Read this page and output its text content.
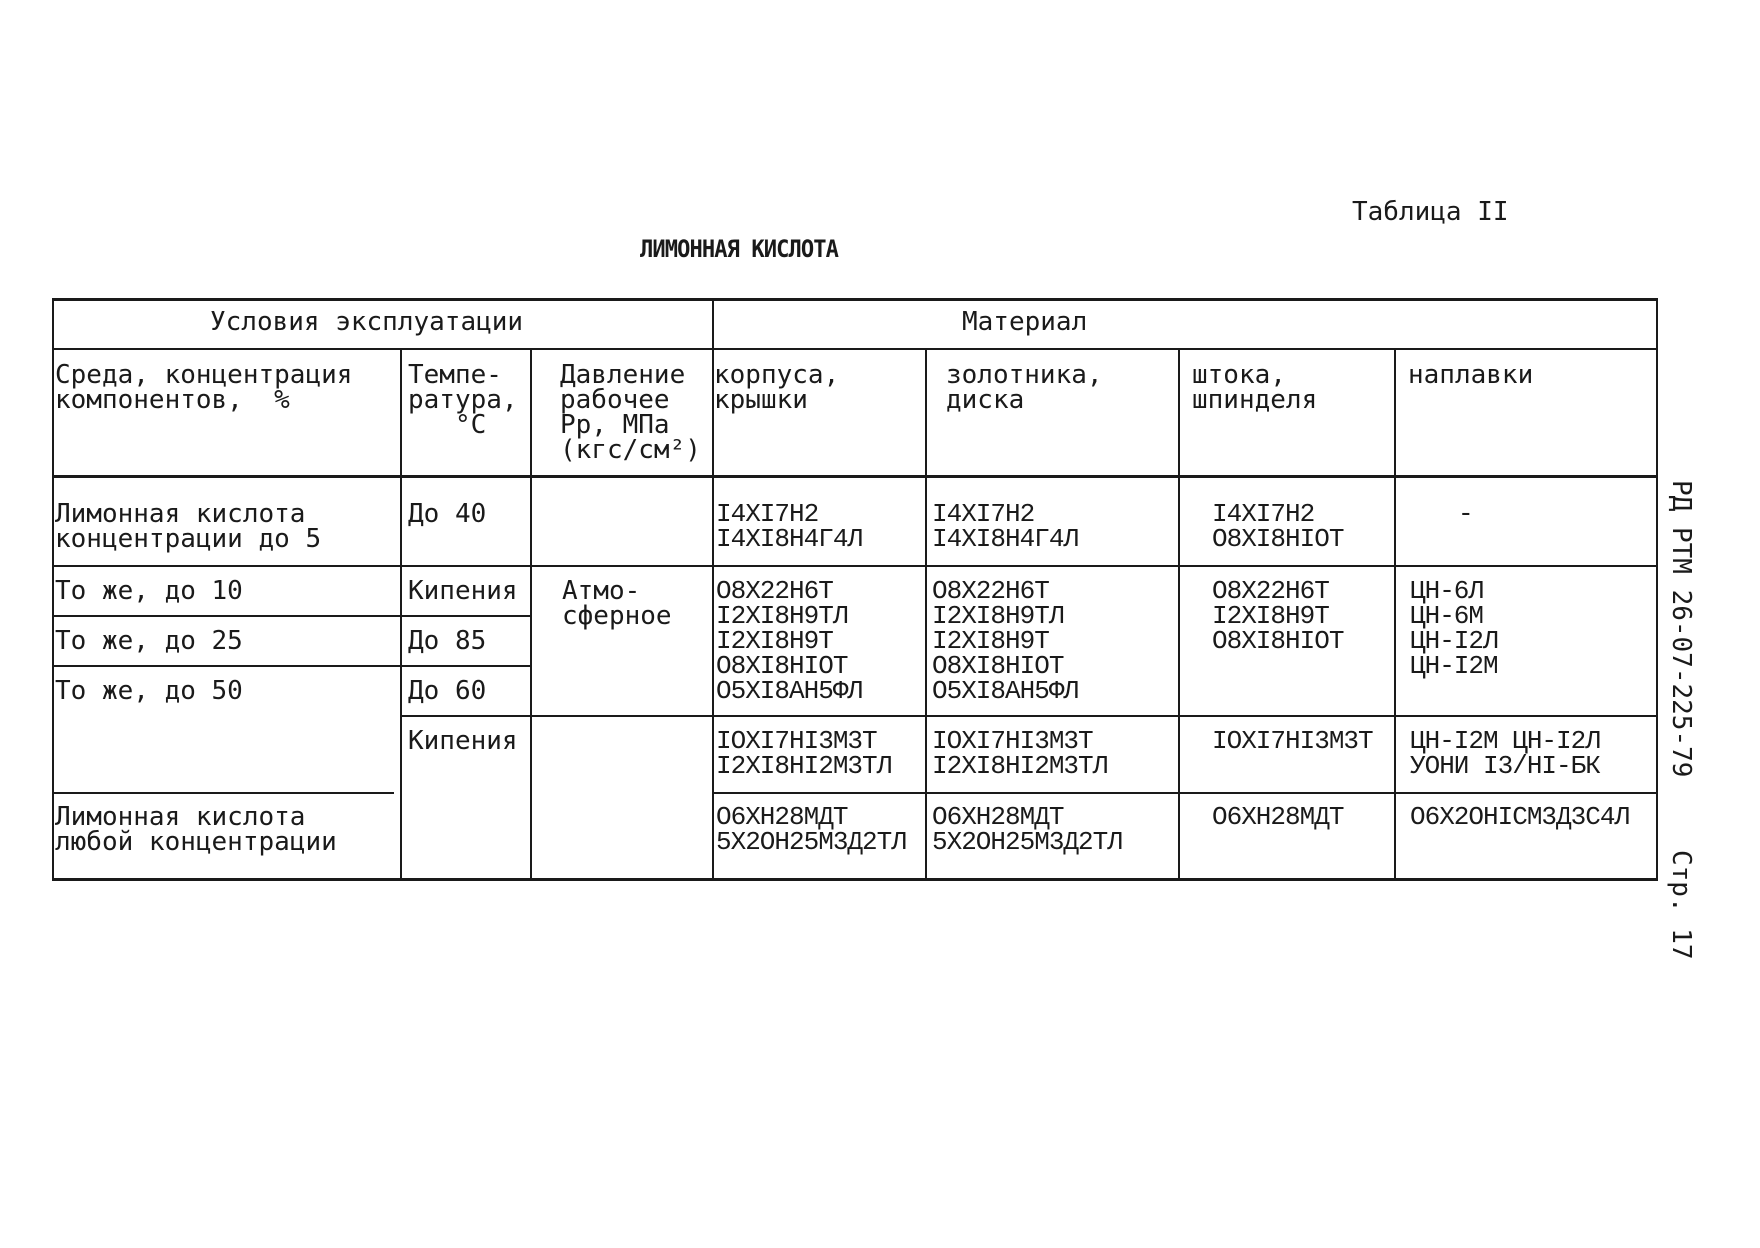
Таблица II
ЛИМОННАЯ КИСЛОТА
Условия эксплуатации	Материал
Среда, концентрация
компонентов,  %
Темпе-
ратура,
°C
Давление
рабочее
Pp, МПа
(кгс/см²)
корпуса,
крышки
золотника,
диска
штока,
шпинделя
наплавки
Лимонная кислота
концентрации до 5
То же, до 10
То же, до 25
То же, до 50
Лимонная кислота
любой концентрации
До 40
Кипения
До 85
До 60
Кипения
Атмо-
сферное
I4XI7H2
I4XI8H4Г4Л
I4XI7H2
I4XI8H4Г4Л
I4XI7H2
O8XI8HIOT
-
O8X22H6T
I2XI8H9TЛ
I2XI8H9T
O8XI8HIOT
O5XI8AH5ФЛ
O8X22H6T
I2XI8H9TЛ
I2XI8H9T
O8XI8HIOT
O5XI8AH5ФЛ
O8X22H6T
I2XI8H9T
O8XI8HIOT
ЦН-6Л
ЦН-6М
ЦН-I2Л
ЦН-I2М
IOXI7HI3M3T
I2XI8HI2M3TЛ
IOXI7HI3M3T
I2XI8HI2M3TЛ
IOXI7HI3M3T ЦН-I2М ЦН-I2Л
УОНИ I3/HI-БК
O6XH28МДТ
5X2OH25M3Д2TЛ
O6XH28МДТ
5X2OH25M3Д2TЛ
O6XH28МДТ	O6X2OHIСМ3Д3С4Л
РД РТМ 26-07-225-79
Стр. 17
